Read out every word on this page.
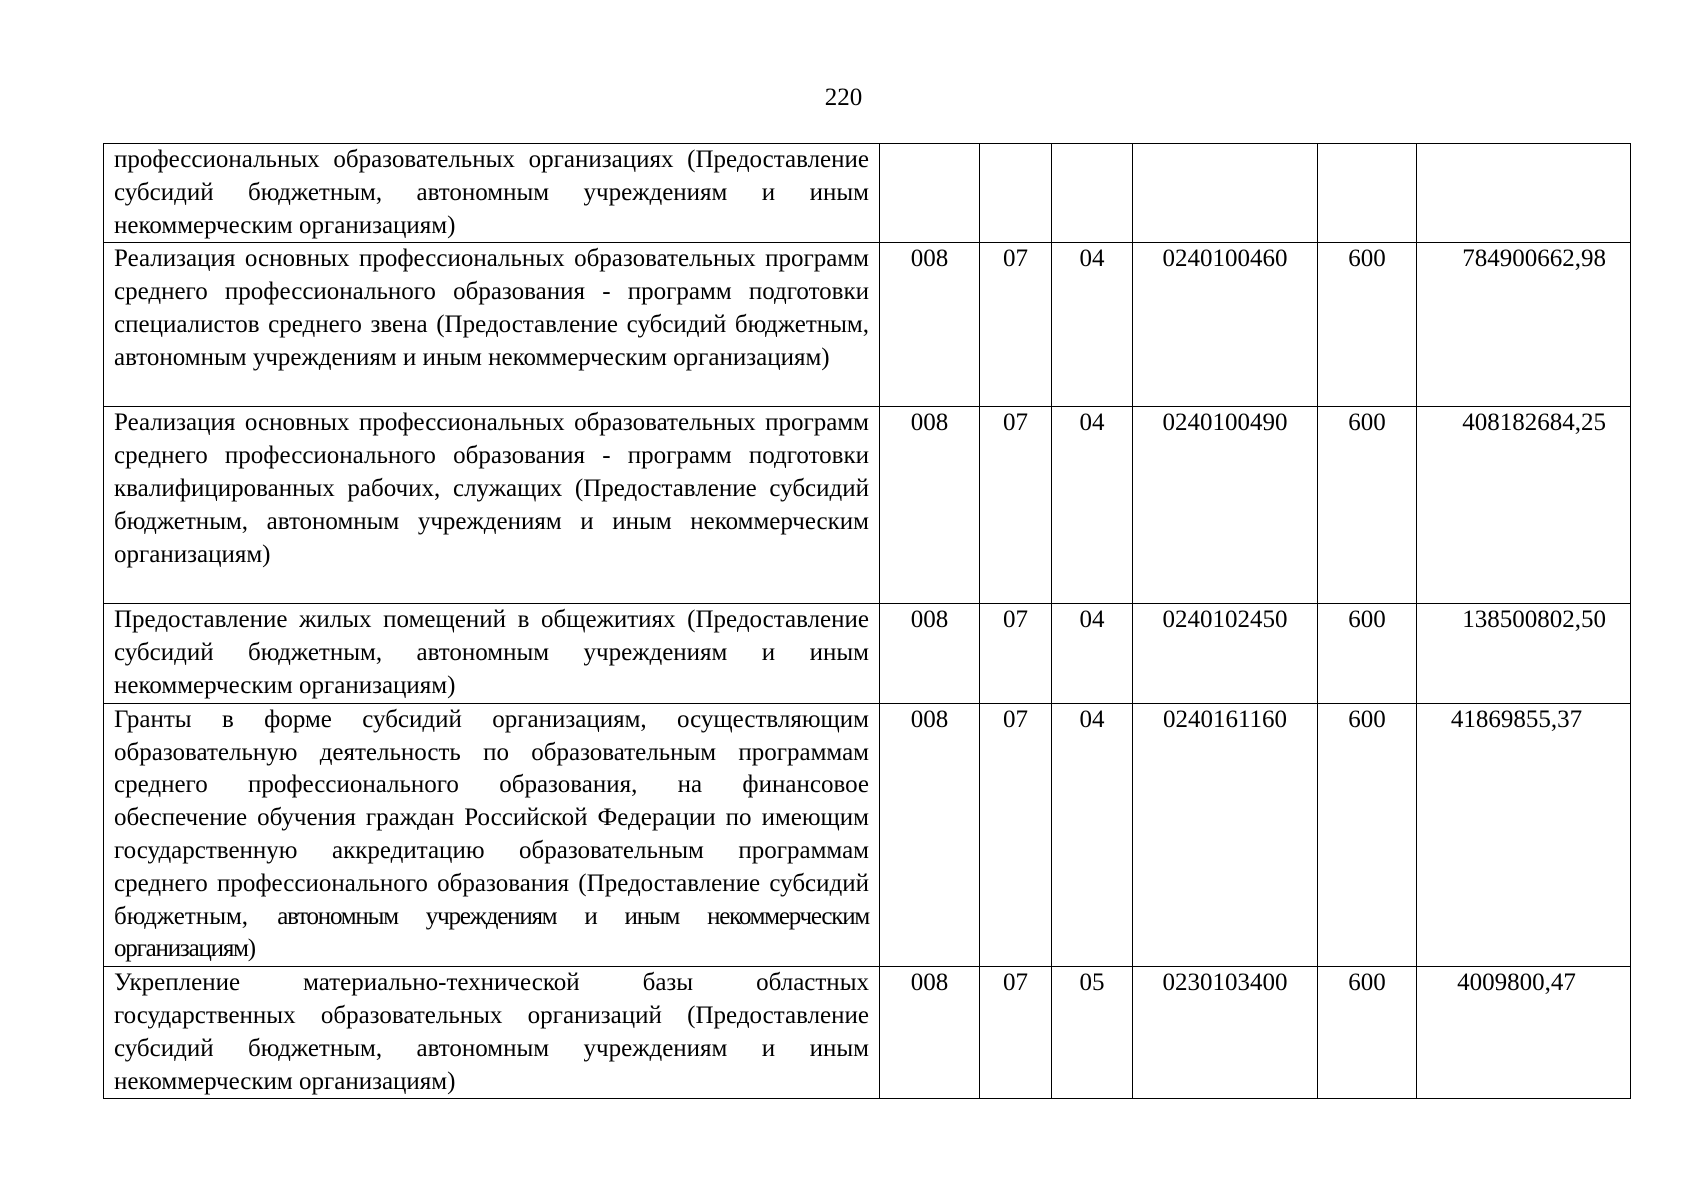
220
профессиональных образовательных организациях (Предоставление субсидий бюджетным, автономным учреждениям и иным некоммерческим организациям)						
Реализация основных профессиональных образовательных программ среднего профессионального образования - программ подготовки специалистов среднего звена (Предоставление субсидий бюджетным, автономным учреждениям и иным некоммерческим организациям)	008	07	04	0240100460	600	784900662,98
Реализация основных профессиональных образовательных программ среднего профессионального образования - программ подготовки квалифицированных рабочих, служащих (Предоставление субсидий бюджетным, автономным учреждениям и иным некоммерческим организациям)	008	07	04	0240100490	600	408182684,25
Предоставление жилых помещений в общежитиях (Предоставление субсидий бюджетным, автономным учреждениям и иным некоммерческим организациям)	008	07	04	0240102450	600	138500802,50
Гранты в форме субсидий организациям, осуществляющим образовательную деятельность по образовательным программам среднего профессионального образования, на финансовое обеспечение обучения граждан Российской Федерации по имеющим государственную аккредитацию образовательным программам среднего профессионального образования (Предоставление субсидий бюджетным, автономным учреждениям и иным некоммерческим организациям)	008	07	04	0240161160	600	41869855,37
Укрепление материально-технической базы областных государственных образовательных организаций (Предоставление субсидий бюджетным, автономным учреждениям и иным некоммерческим организациям)	008	07	05	0230103400	600	4009800,47
